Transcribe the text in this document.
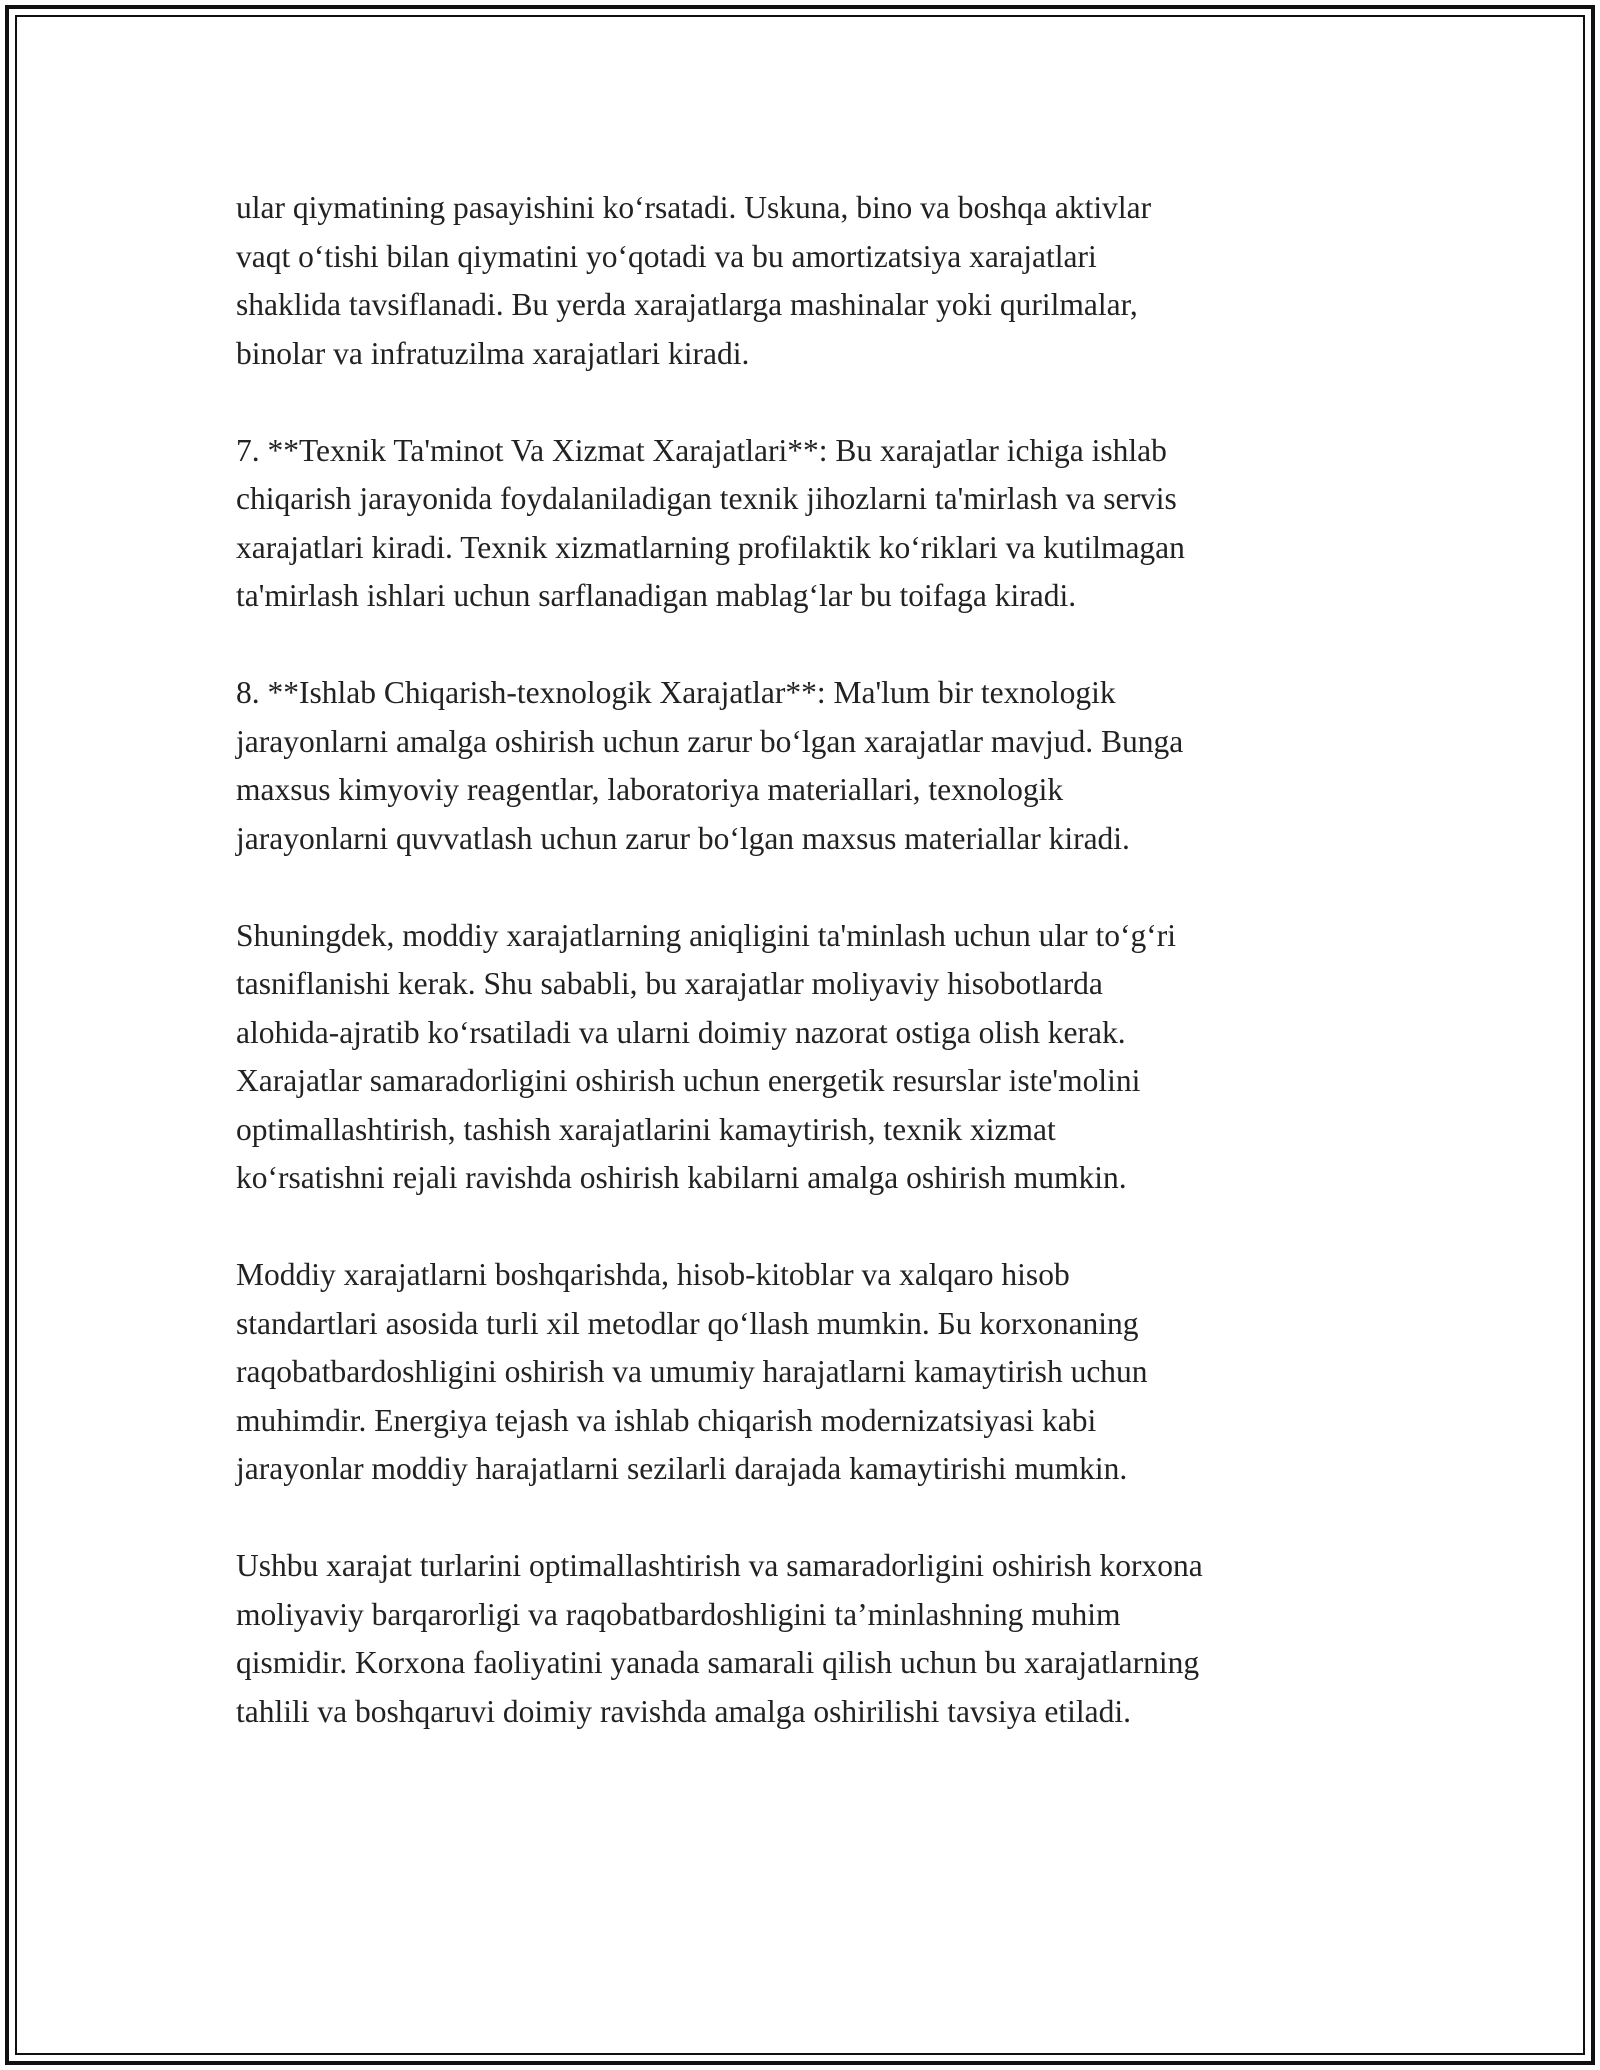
ular qiymatining pasayishini koʻrsatadi. Uskuna, bino va boshqa aktivlar
vaqt oʻtishi bilan qiymatini yoʻqotadi va bu amortizatsiya xarajatlari
shaklida tavsiflanadi. Bu yerda xarajatlarga mashinalar yoki qurilmalar,
binolar va infratuzilma xarajatlari kiradi.

7. **Texnik Ta'minot Va Xizmat Xarajatlari**: Bu xarajatlar ichiga ishlab
chiqarish jarayonida foydalaniladigan texnik jihozlarni ta'mirlash va servis
xarajatlari kiradi. Texnik xizmatlarning profilaktik koʻriklari va kutilmagan
ta'mirlash ishlari uchun sarflanadigan mablagʻlar bu toifaga kiradi.

8. **Ishlab Chiqarish-texnologik Xarajatlar**: Ma'lum bir texnologik
jarayonlarni amalga oshirish uchun zarur boʻlgan xarajatlar mavjud. Bunga
maxsus kimyoviy reagentlar, laboratoriya materiallari, texnologik
jarayonlarni quvvatlash uchun zarur boʻlgan maxsus materiallar kiradi.

Shuningdek, moddiy xarajatlarning aniqligini ta'minlash uchun ular toʻgʻri
tasniflanishi kerak. Shu sababli, bu xarajatlar moliyaviy hisobotlarda
alohida-ajratib koʻrsatiladi va ularni doimiy nazorat ostiga olish kerak.
Xarajatlar samaradorligini oshirish uchun energetik resurslar iste'molini
optimallashtirish, tashish xarajatlarini kamaytirish, texnik xizmat
koʻrsatishni rejali ravishda oshirish kabilarni amalga oshirish mumkin.

Moddiy xarajatlarni boshqarishda, hisob-kitoblar va xalqaro hisob
standartlari asosida turli xil metodlar qoʻllash mumkin. Бu korxonaning
raqobatbardoshligini oshirish va umumiy harajatlarni kamaytirish uchun
muhimdir. Energiya tejash va ishlab chiqarish modernizatsiyasi kabi
jarayonlar moddiy harajatlarni sezilarli darajada kamaytirishi mumkin.

Ushbu xarajat turlarini optimallashtirish va samaradorligini oshirish korxona
moliyaviy barqarorligi va raqobatbardoshligini ta’minlashning muhim
qismidir. Korxona faoliyatini yanada samarali qilish uchun bu xarajatlarning
tahlili va boshqaruvi doimiy ravishda amalga oshirilishi tavsiya etiladi.
